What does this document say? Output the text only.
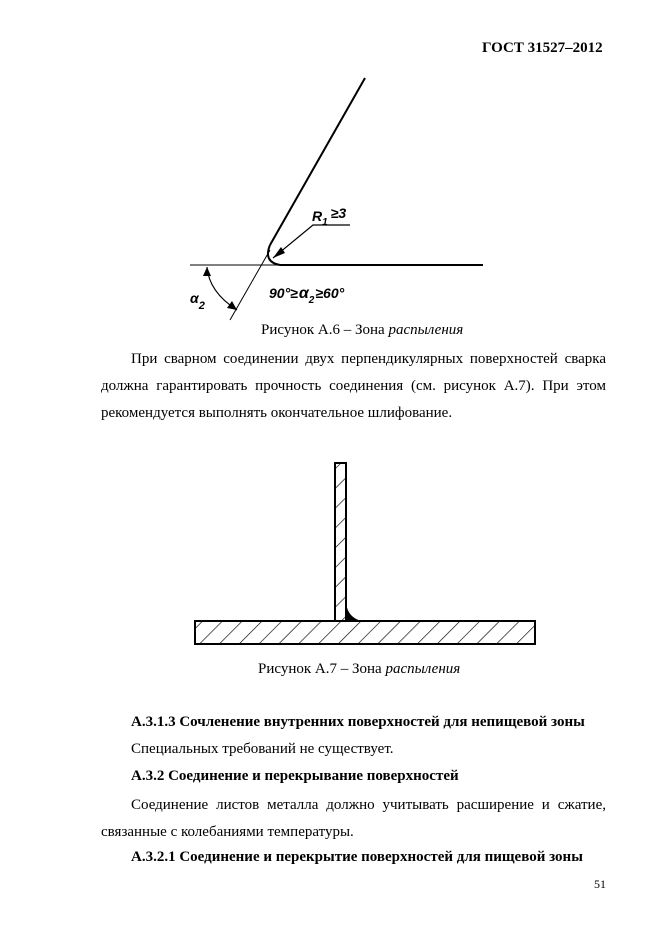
ГОСТ 31527–2012
$R_1\ge 3$
$\alpha_2$
$90^\circ\ge\alpha_2\ge 60^\circ$
Рисунок А.6 – Зона распыления

При сварном соединении двух перпендикулярных поверхностей сварка должна гарантировать прочность соединения (см. рисунок А.7). При этом рекомендуется выполнять окончательное шлифование.

Рисунок А.7 – Зона распыления

А.3.1.3 Сочленение внутренних поверхностей для непищевой зоны

Специальных требований не существует.

А.3.2 Соединение и перекрывание поверхностей

Соединение листов металла должно учитывать расширение и сжатие, связанные с колебаниями температуры.

А.3.2.1 Соединение и перекрытие поверхностей для пищевой зоны

51
